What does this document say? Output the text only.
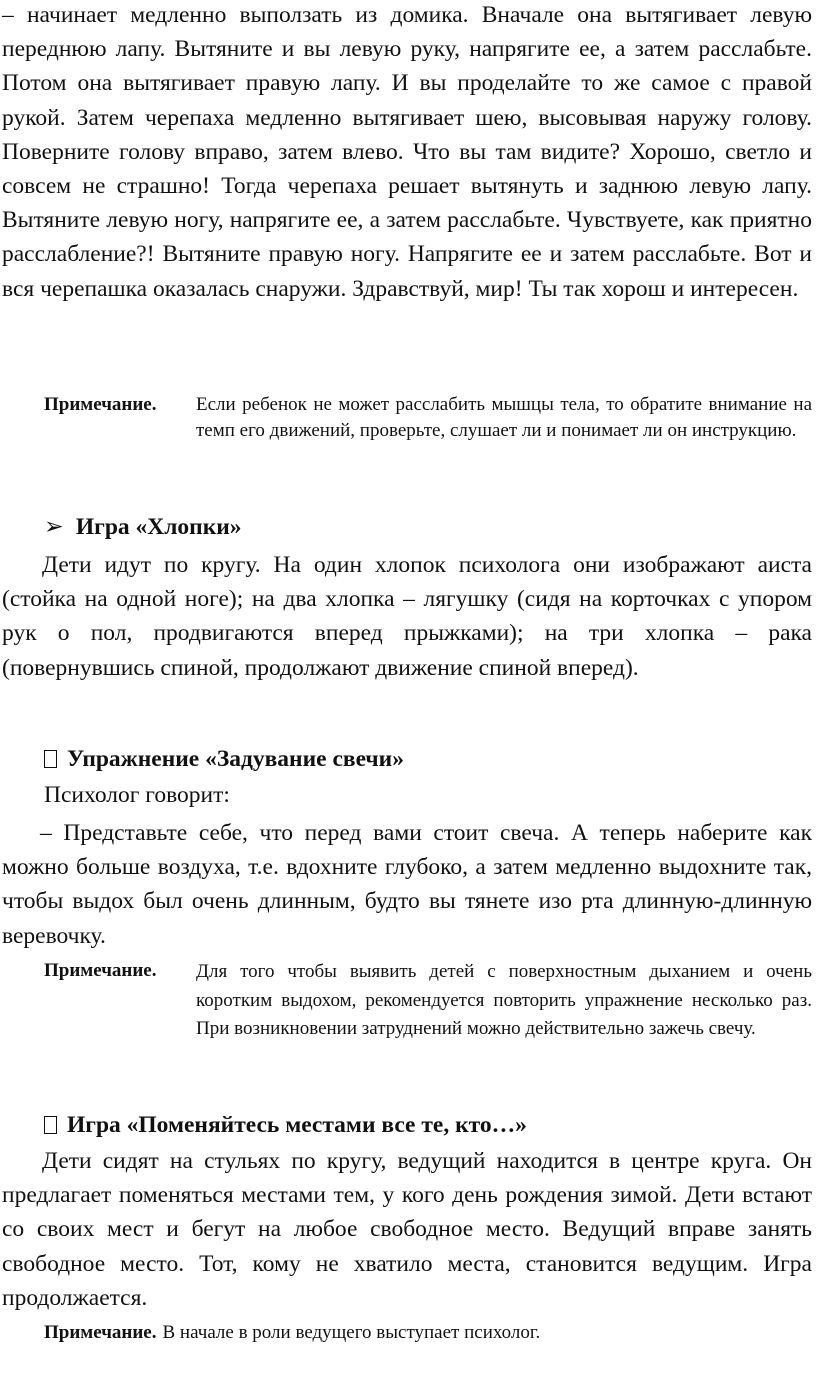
– начинает медленно выползать из домика. Вначале она вытягивает левую переднюю лапу. Вытяните и вы левую руку, напрягите ее, а затем расслабьте. Потом она вытягивает правую лапу. И вы проделайте то же самое с правой рукой. Затем черепаха медленно вытягивает шею, высовывая наружу голову. Поверните голову вправо, затем влево. Что вы там видите? Хорошо, светло и совсем не страшно! Тогда черепаха решает вытянуть и заднюю левую лапу. Вытяните левую ногу, напрягите ее, а затем расслабьте. Чувствуете, как приятно расслабление?! Вытяните правую ногу. Напрягите ее и затем расслабьте. Вот и вся черепашка оказалась снаружи. Здравствуй, мир! Ты так хорош и интересен.

Примечание.	Если ребенок не может расслабить мышцы тела, то обратите внимание на темп его движений, проверьте, слушает ли и понимает ли он инструкцию.
➢ Игра «Хлопки»

Дети идут по кругу. На один хлопок психолога они изображают аиста (стойка на одной ноге); на два хлопка – лягушку (сидя на корточках с упором рук о пол, продвигаются вперед прыжками); на три хлопка – рака (повернувшись спиной, продолжают движение спиной вперед).

Упражнение «Задувание свечи»

Психолог говорит:

– Представьте себе, что перед вами стоит свеча. А теперь наберите как можно больше воздуха, т.е. вдохните глубоко, а затем медленно выдохните так, чтобы выдох был очень длинным, будто вы тянете изо рта длинную-длинную веревочку.

Примечание.	Для того чтобы выявить детей с поверхностным дыханием и очень коротким выдохом, рекомендуется повторить упражнение несколько раз. При возникновении затруднений можно действительно зажечь свечу.
Игра «Поменяйтесь местами все те, кто…»

Дети сидят на стульях по кругу, ведущий находится в центре круга. Он предлагает поменяться местами тем, у кого день рождения зимой. Дети встают со своих мест и бегут на любое свободное место. Ведущий вправе занять свободное место. Тот, кому не хватило места, становится ведущим. Игра продолжается.

Примечание. В начале в роли ведущего выступает психолог.
